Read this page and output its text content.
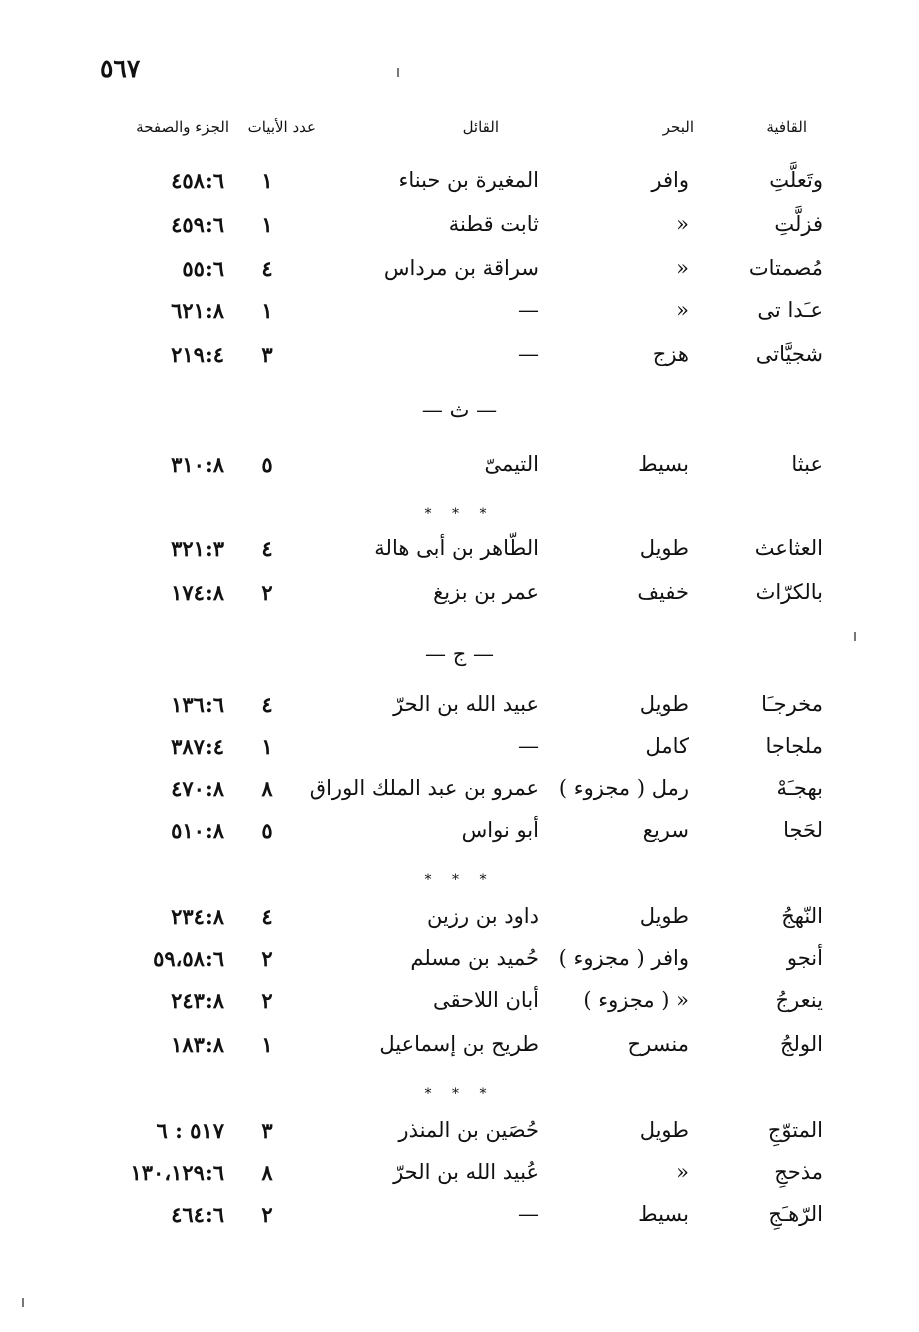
٥٦٧
القافية
البحر
القائل
عدد الأبيات
الجزء والصفحة
وتَعلَّتِ
وافر
المغيرة بن حبناء
١
٤٥٨:٦
فزلَّتِ
«
ثابت قطنة
١
٤٥٩:٦
مُصمتات
«
سراقة بن مرداس
٤
٥٥:٦
عـَدا تى
«
—
١
٦٢١:٨
شجيَّاتى
هزج
—
٣
٢١٩:٤
— ث —
عبثا
بسيط
التيمىّ
٥
٣١٠:٨
* * *
العثاعث
طويل
الطّاهر بن أبى هالة
٤
٣٢١:٣
بالكرّاث
خفيف
عمر بن بزيغ
٢
١٧٤:٨
— ج —
مخرجـَا
طويل
عبيد الله بن الحرّ
٤
١٣٦:٦
ملجاجا
كامل
—
١
٣٨٧:٤
بهجـَهْ
رمل ( مجزوء )
عمرو بن عبد الملك الوراق
٨
٤٧٠:٨
لحَجا
سريع
أبو نواس
٥
٥١٠:٨
* * *
النّهجُ
طويل
داود بن رزين
٤
٢٣٤:٨
أنجو
وافر ( مجزوء )
حُميد بن مسلم
٢
٥٩،٥٨:٦
ينعرجُ
« ( مجزوء )
أبان اللاحقى
٢
٢٤٣:٨
الولجُ
منسرح
طريح بن إسماعيل
١
١٨٣:٨
* * *
المتوّجِ
طويل
حُصَين بن المنذر
٣
٥١٧ : ٦
مذحجِ
«
عُبيد الله بن الحرّ
٨
١٣٠،١٢٩:٦
الرّهـَجِ
بسيط
—
٢
٤٦٤:٦
